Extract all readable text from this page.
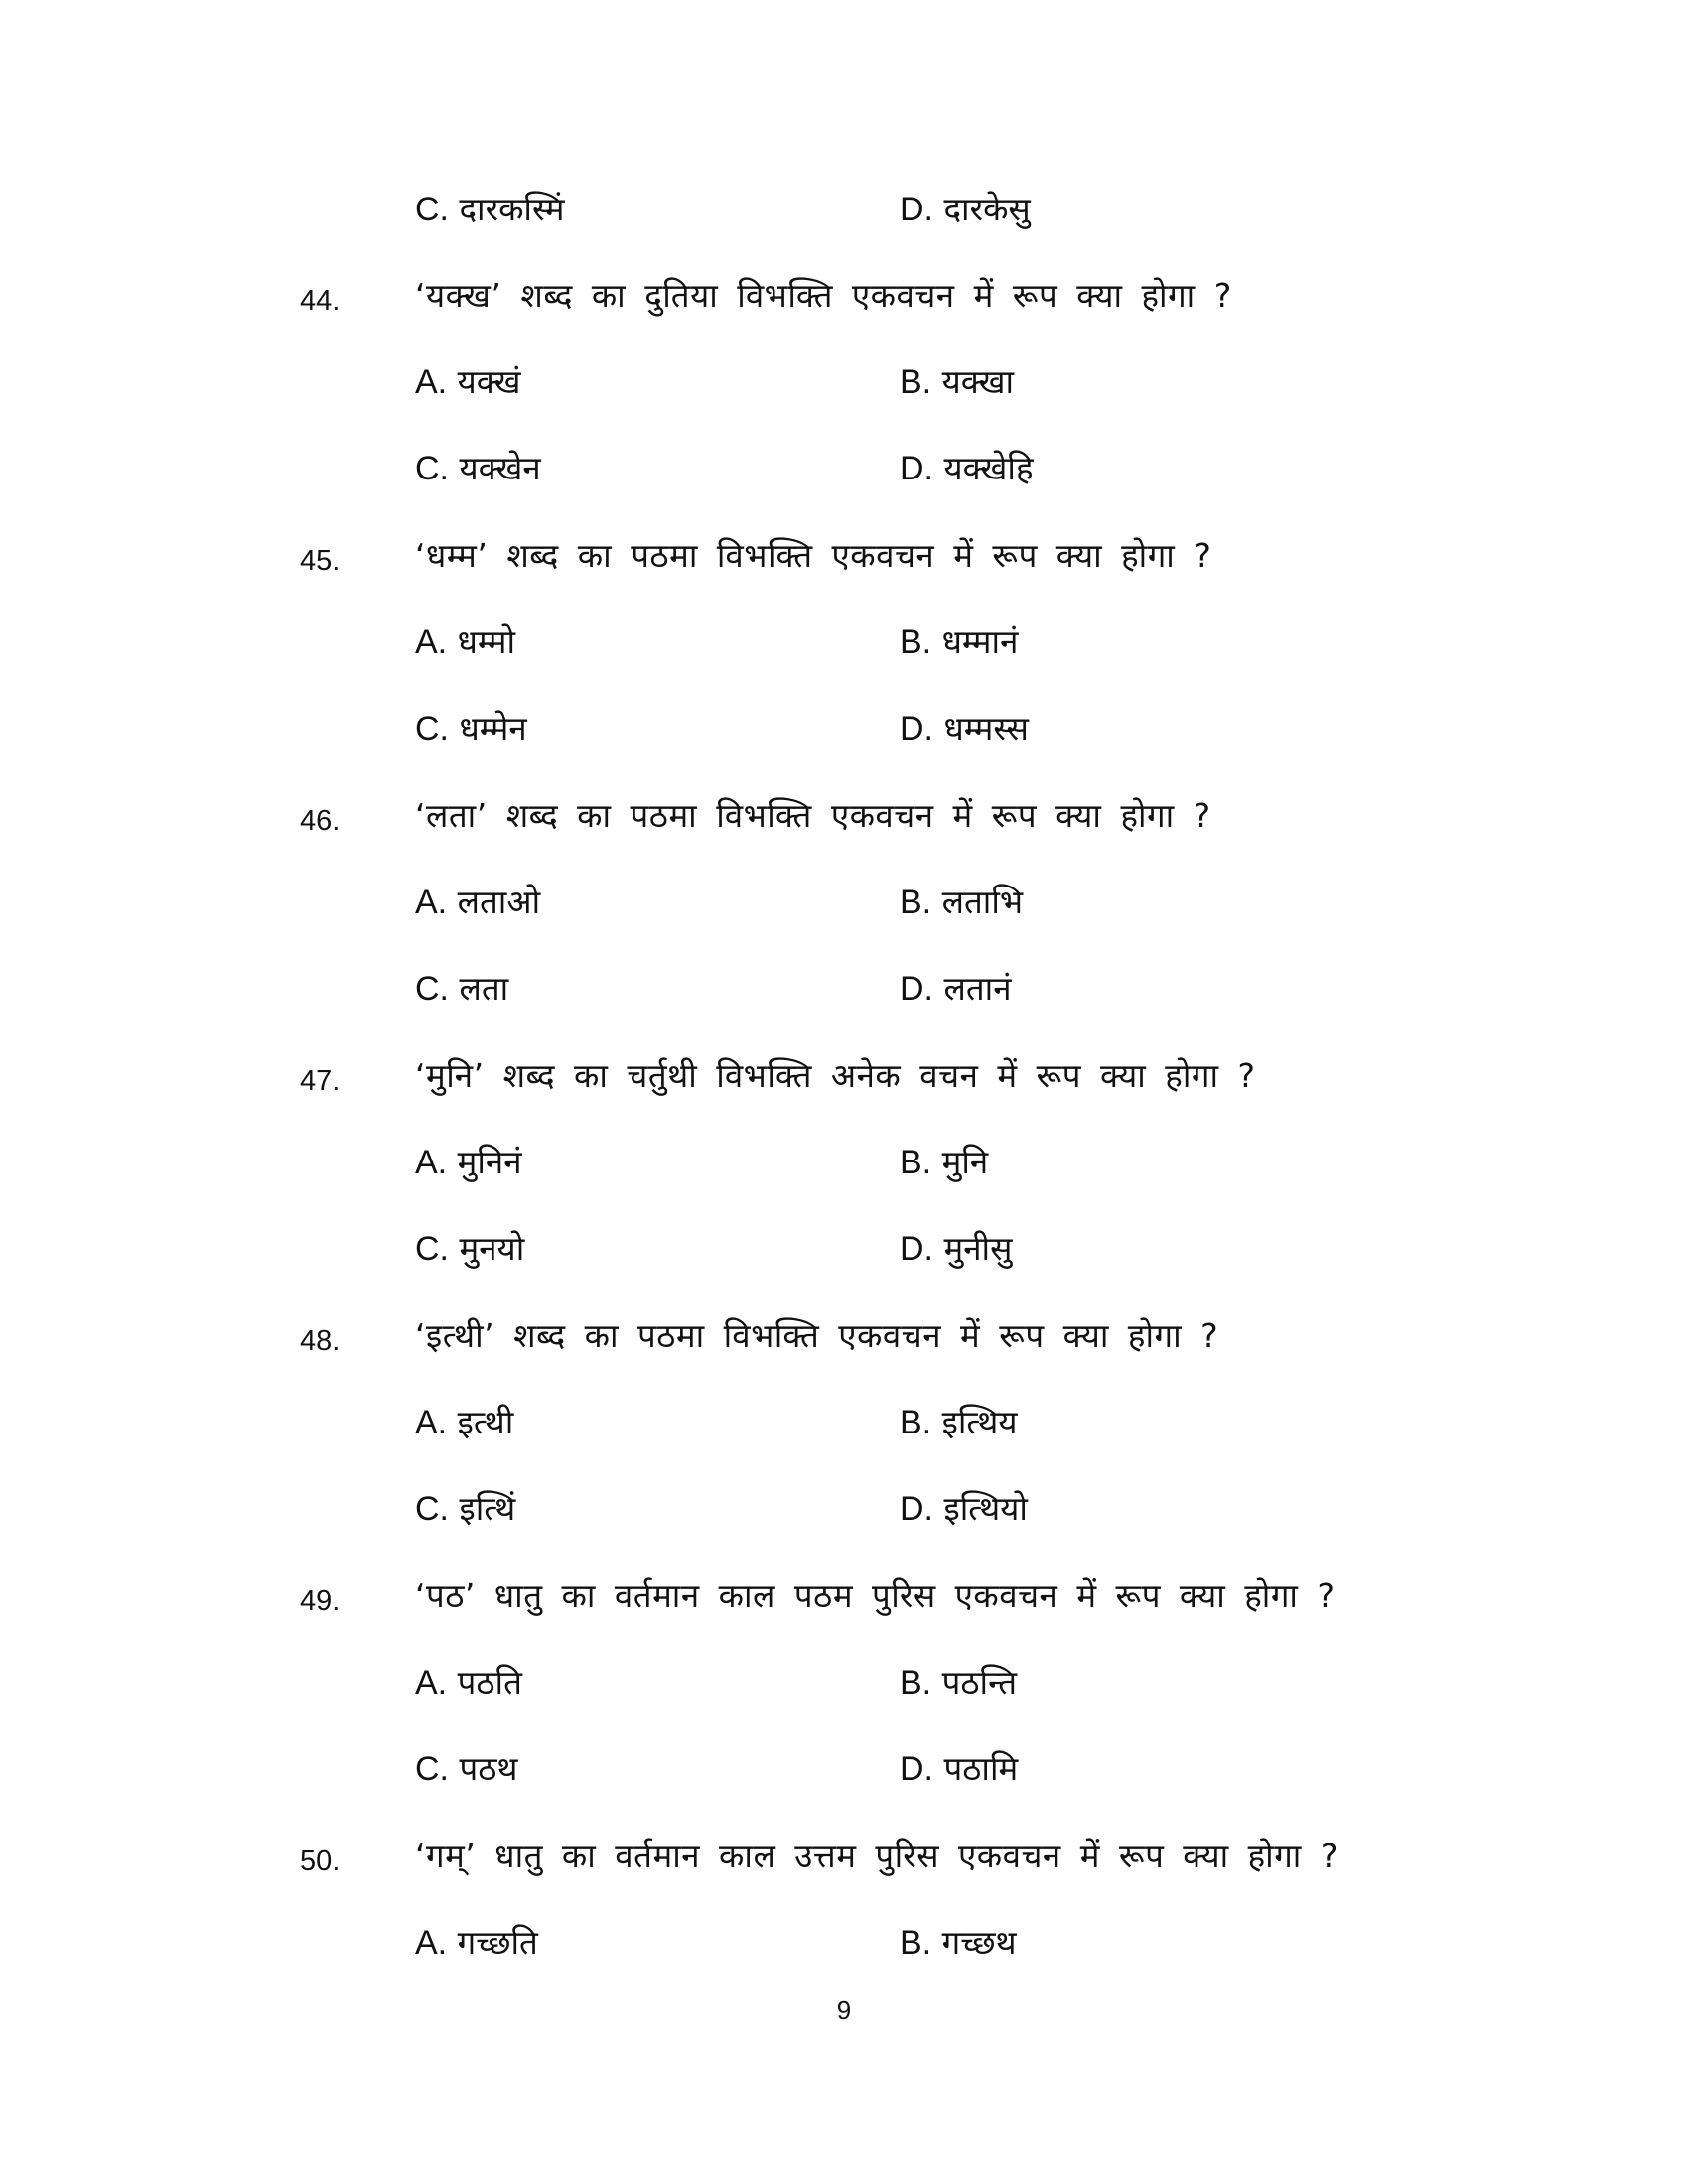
C. दारकस्मिं	D. दारकेसु
44. ‘यक्ख’ शब्द का दुतिया विभक्ति एकवचन में रूप क्या होगा ?
A. यक्खं	B. यक्खा
C. यक्खेन	D. यक्खेहि
45. ‘धम्म’ शब्द का पठमा विभक्ति एकवचन में रूप क्या होगा ?
A. धम्मो	B. धम्मानं
C. धम्मेन	D. धम्मस्स
46. ‘लता’ शब्द का पठमा विभक्ति एकवचन में रूप क्या होगा ?
A. लताओ	B. लताभि
C. लता	D. लतानं
47. ‘मुनि’ शब्द का चर्तुथी विभक्ति अनेक वचन में रूप क्या होगा ?
A. मुनिनं	B. मुनि
C. मुनयो	D. मुनीसु
48. ‘इत्थी’ शब्द का पठमा विभक्ति एकवचन में रूप क्या होगा ?
A. इत्थी	B. इत्थिय
C. इत्थिं	D. इत्थियो
49. ‘पठ’ धातु का वर्तमान काल पठम पुरिस एकवचन में रूप क्या होगा ?
A. पठति	B. पठन्ति
C. पठथ	D. पठामि
50. ‘गम्’ धातु का वर्तमान काल उत्तम पुरिस एकवचन में रूप क्या होगा ?
A. गच्छति	B. गच्छथ
9
